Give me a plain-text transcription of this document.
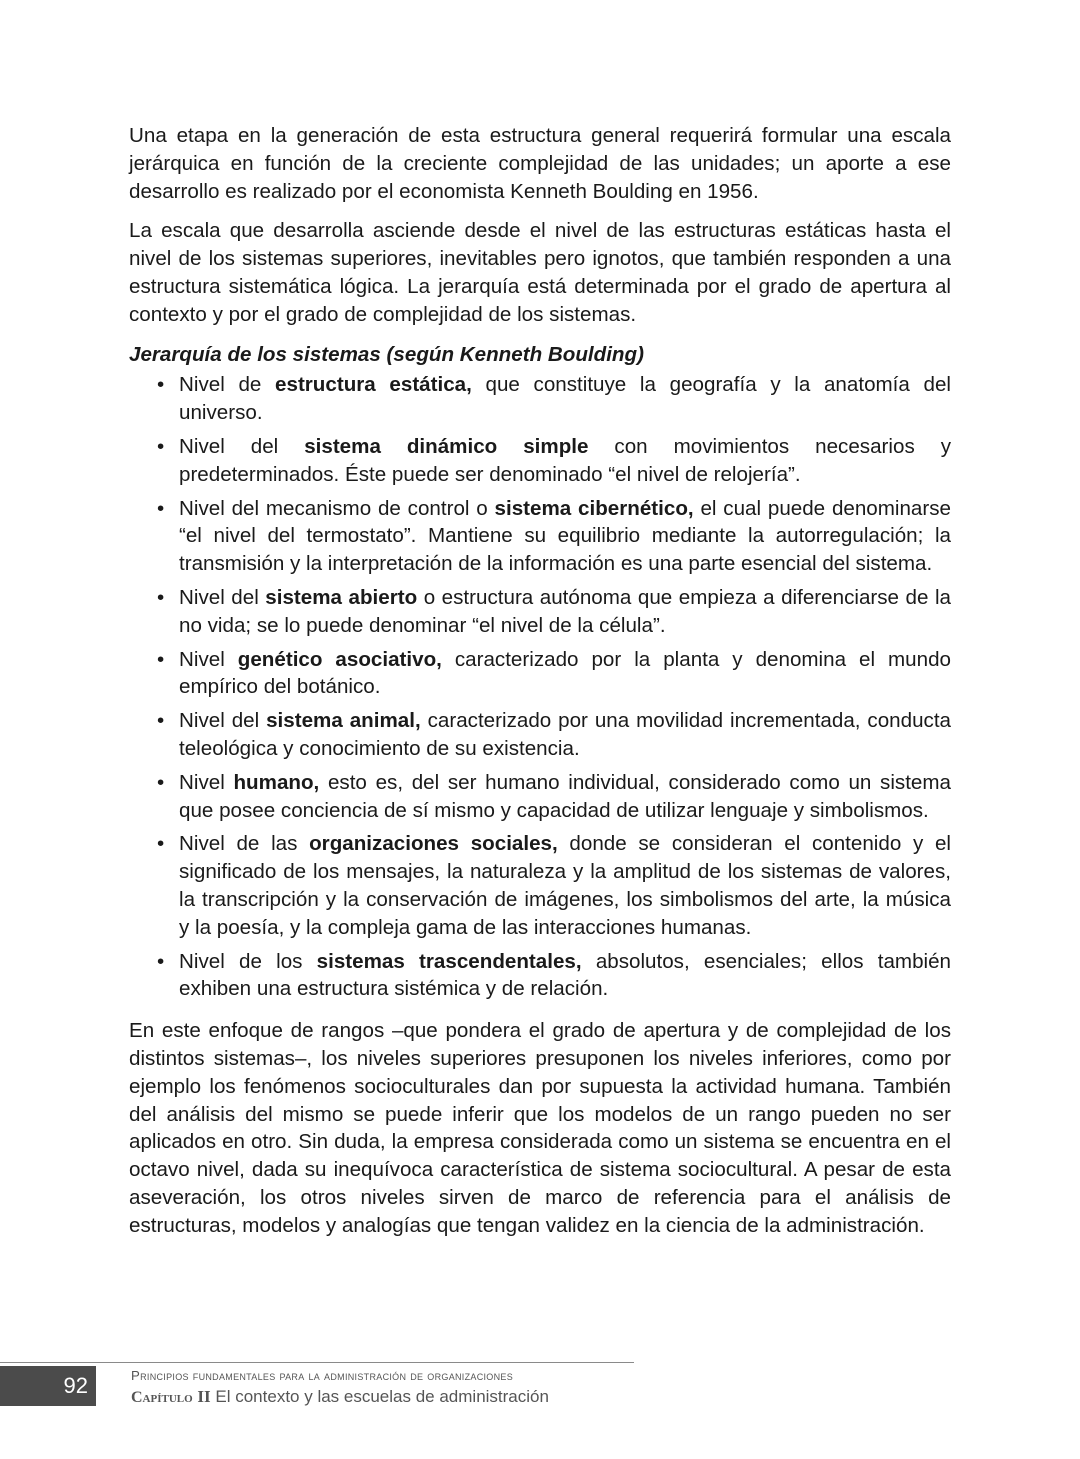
Una etapa en la generación de esta estructura general requerirá formular una escala jerárquica en función de la creciente complejidad de las unidades; un aporte a ese desarrollo es realizado por el economista Kenneth Boulding en 1956.

La escala que desarrolla asciende desde el nivel de las estructuras estáticas hasta el nivel de los sistemas superiores, inevitables pero ignotos, que también responden a una estructura sistemática lógica. La jerarquía está determinada por el grado de apertura al contexto y por el grado de complejidad de los sistemas.

Jerarquía de los sistemas (según Kenneth Boulding)

• Nivel de estructura estática, que constituye la geografía y la anatomía del universo.
• Nivel del sistema dinámico simple con movimientos necesarios y predeterminados. Éste puede ser denominado “el nivel de relojería”.
• Nivel del mecanismo de control o sistema cibernético, el cual puede denominarse “el nivel del termostato”. Mantiene su equilibrio mediante la autorregulación; la transmisión y la interpretación de la información es una parte esencial del sistema.
• Nivel del sistema abierto o estructura autónoma que empieza a diferenciarse de la no vida; se lo puede denominar “el nivel de la célula”.
• Nivel genético asociativo, caracterizado por la planta y denomina el mundo empírico del botánico.
• Nivel del sistema animal, caracterizado por una movilidad incrementada, conducta teleológica y conocimiento de su existencia.
• Nivel humano, esto es, del ser humano individual, considerado como un sistema que posee conciencia de sí mismo y capacidad de utilizar lenguaje y simbolismos.
• Nivel de las organizaciones sociales, donde se consideran el contenido y el significado de los mensajes, la naturaleza y la amplitud de los sistemas de valores, la transcripción y la conservación de imágenes, los simbolismos del arte, la música y la poesía, y la compleja gama de las interacciones humanas.
• Nivel de los sistemas trascendentales, absolutos, esenciales; ellos también exhiben una estructura sistémica y de relación.

En este enfoque de rangos –que pondera el grado de apertura y de complejidad de los distintos sistemas–, los niveles superiores presuponen los niveles inferiores, como por ejemplo los fenómenos socioculturales dan por supuesta la actividad humana. También del análisis del mismo se puede inferir que los modelos de un rango pueden no ser aplicados en otro. Sin duda, la empresa considerada como un sistema se encuentra en el octavo nivel, dada su inequívoca característica de sistema sociocultural. A pesar de esta aseveración, los otros niveles sirven de marco de referencia para el análisis de estructuras, modelos y analogías que tengan validez en la ciencia de la administración.

92	principios fundamentales para la administración de organizaciones
Capítulo II El contexto y las escuelas de administración
